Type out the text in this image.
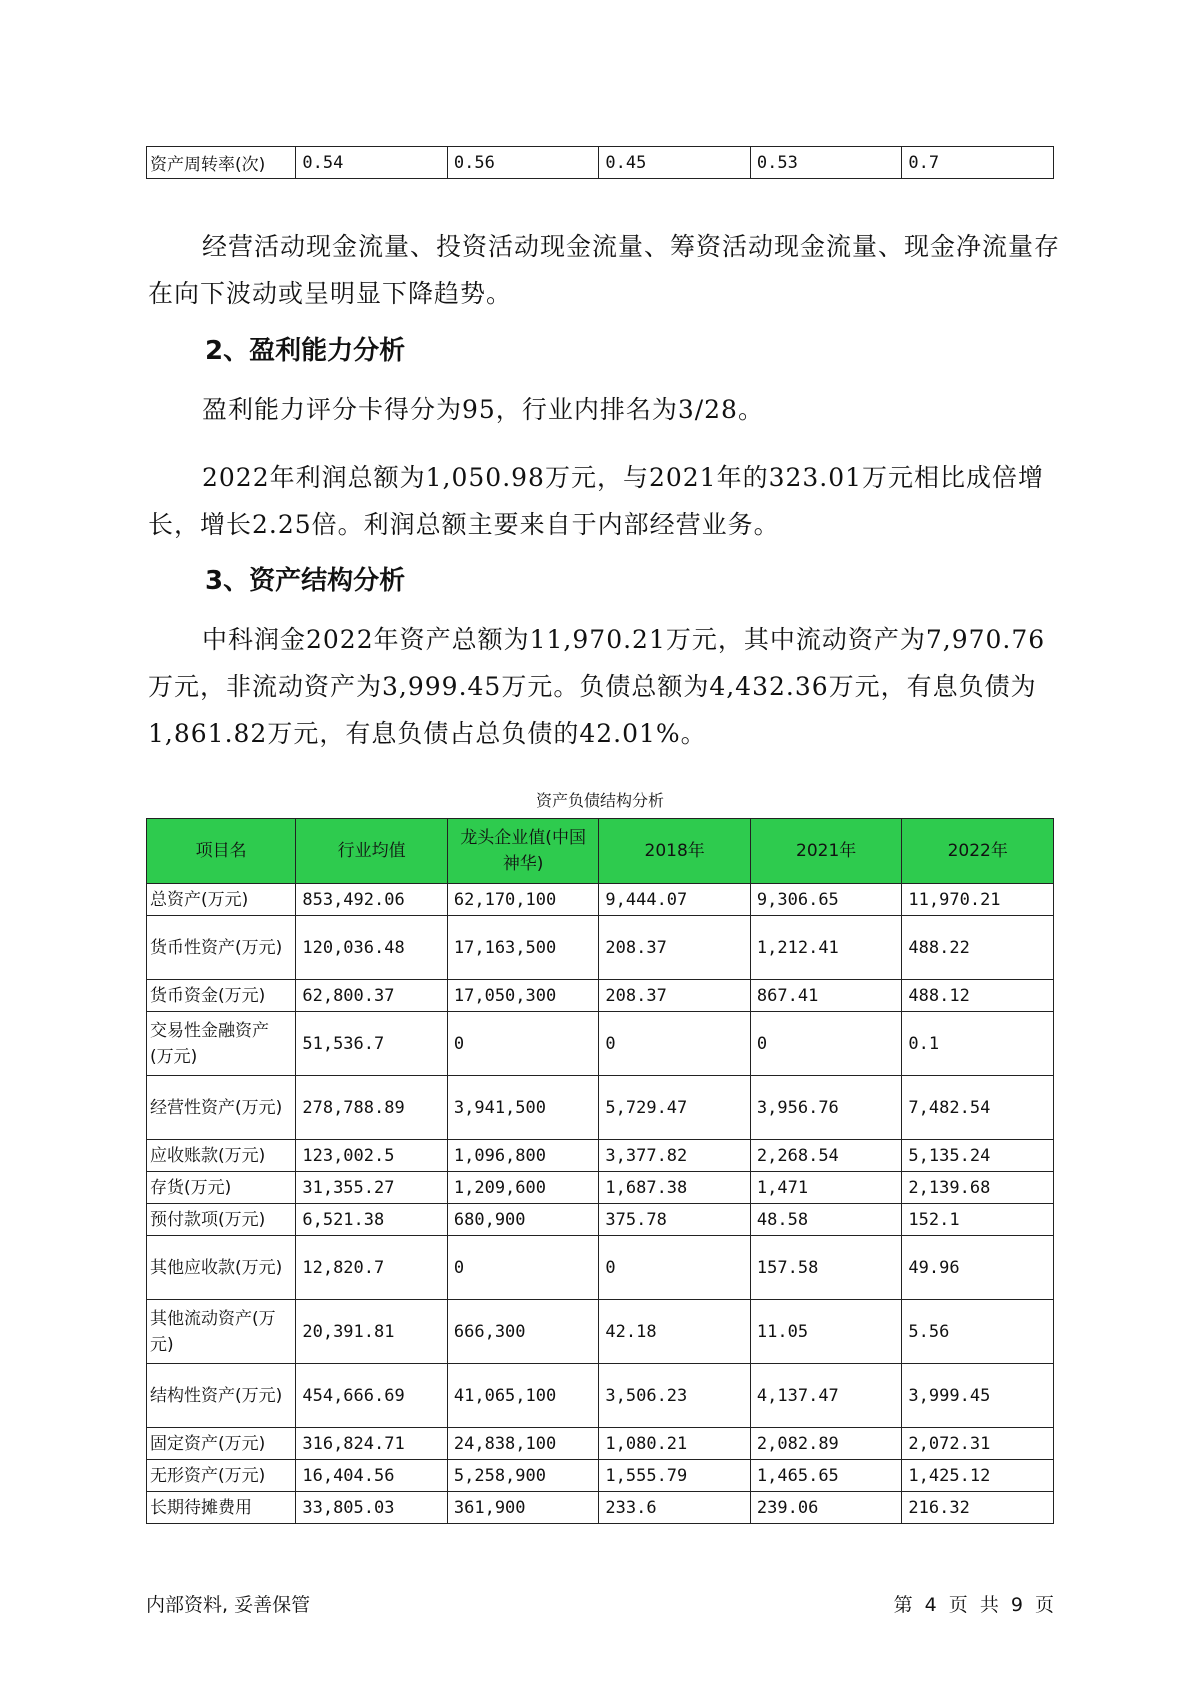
资产周转率(次)	0.54	0.56	0.45	0.53	0.7

经营活动现金流量、投资活动现金流量、筹资活动现金流量、现金净流量存在向下波动或呈明显下降趋势。

2、盈利能力分析

盈利能力评分卡得分为95，行业内排名为3/28。

2022年利润总额为1,050.98万元，与2021年的323.01万元相比成倍增长，增长2.25倍。利润总额主要来自于内部经营业务。

3、资产结构分析

中科润金2022年资产总额为11,970.21万元，其中流动资产为7,970.76万元，非流动资产为3,999.45万元。负债总额为4,432.36万元，有息负债为1,861.82万元，有息负债占总负债的42.01%。

资产负债结构分析
项目名	行业均值	龙头企业值(中国神华)	2018年	2021年	2022年
总资产(万元)	853,492.06	62,170,100	9,444.07	9,306.65	11,970.21
货币性资产(万元)	120,036.48	17,163,500	208.37	1,212.41	488.22
货币资金(万元)	62,800.37	17,050,300	208.37	867.41	488.12
交易性金融资产(万元)	51,536.7	0	0	0	0.1
经营性资产(万元)	278,788.89	3,941,500	5,729.47	3,956.76	7,482.54
应收账款(万元)	123,002.5	1,096,800	3,377.82	2,268.54	5,135.24
存货(万元)	31,355.27	1,209,600	1,687.38	1,471	2,139.68
预付款项(万元)	6,521.38	680,900	375.78	48.58	152.1
其他应收款(万元)	12,820.7	0	0	157.58	49.96
其他流动资产(万元)	20,391.81	666,300	42.18	11.05	5.56
结构性资产(万元)	454,666.69	41,065,100	3,506.23	4,137.47	3,999.45
固定资产(万元)	316,824.71	24,838,100	1,080.21	2,082.89	2,072.31
无形资产(万元)	16,404.56	5,258,900	1,555.79	1,465.65	1,425.12
长期待摊费用	33,805.03	361,900	233.6	239.06	216.32
内部资料, 妥善保管	第 4 页 共 9 页
